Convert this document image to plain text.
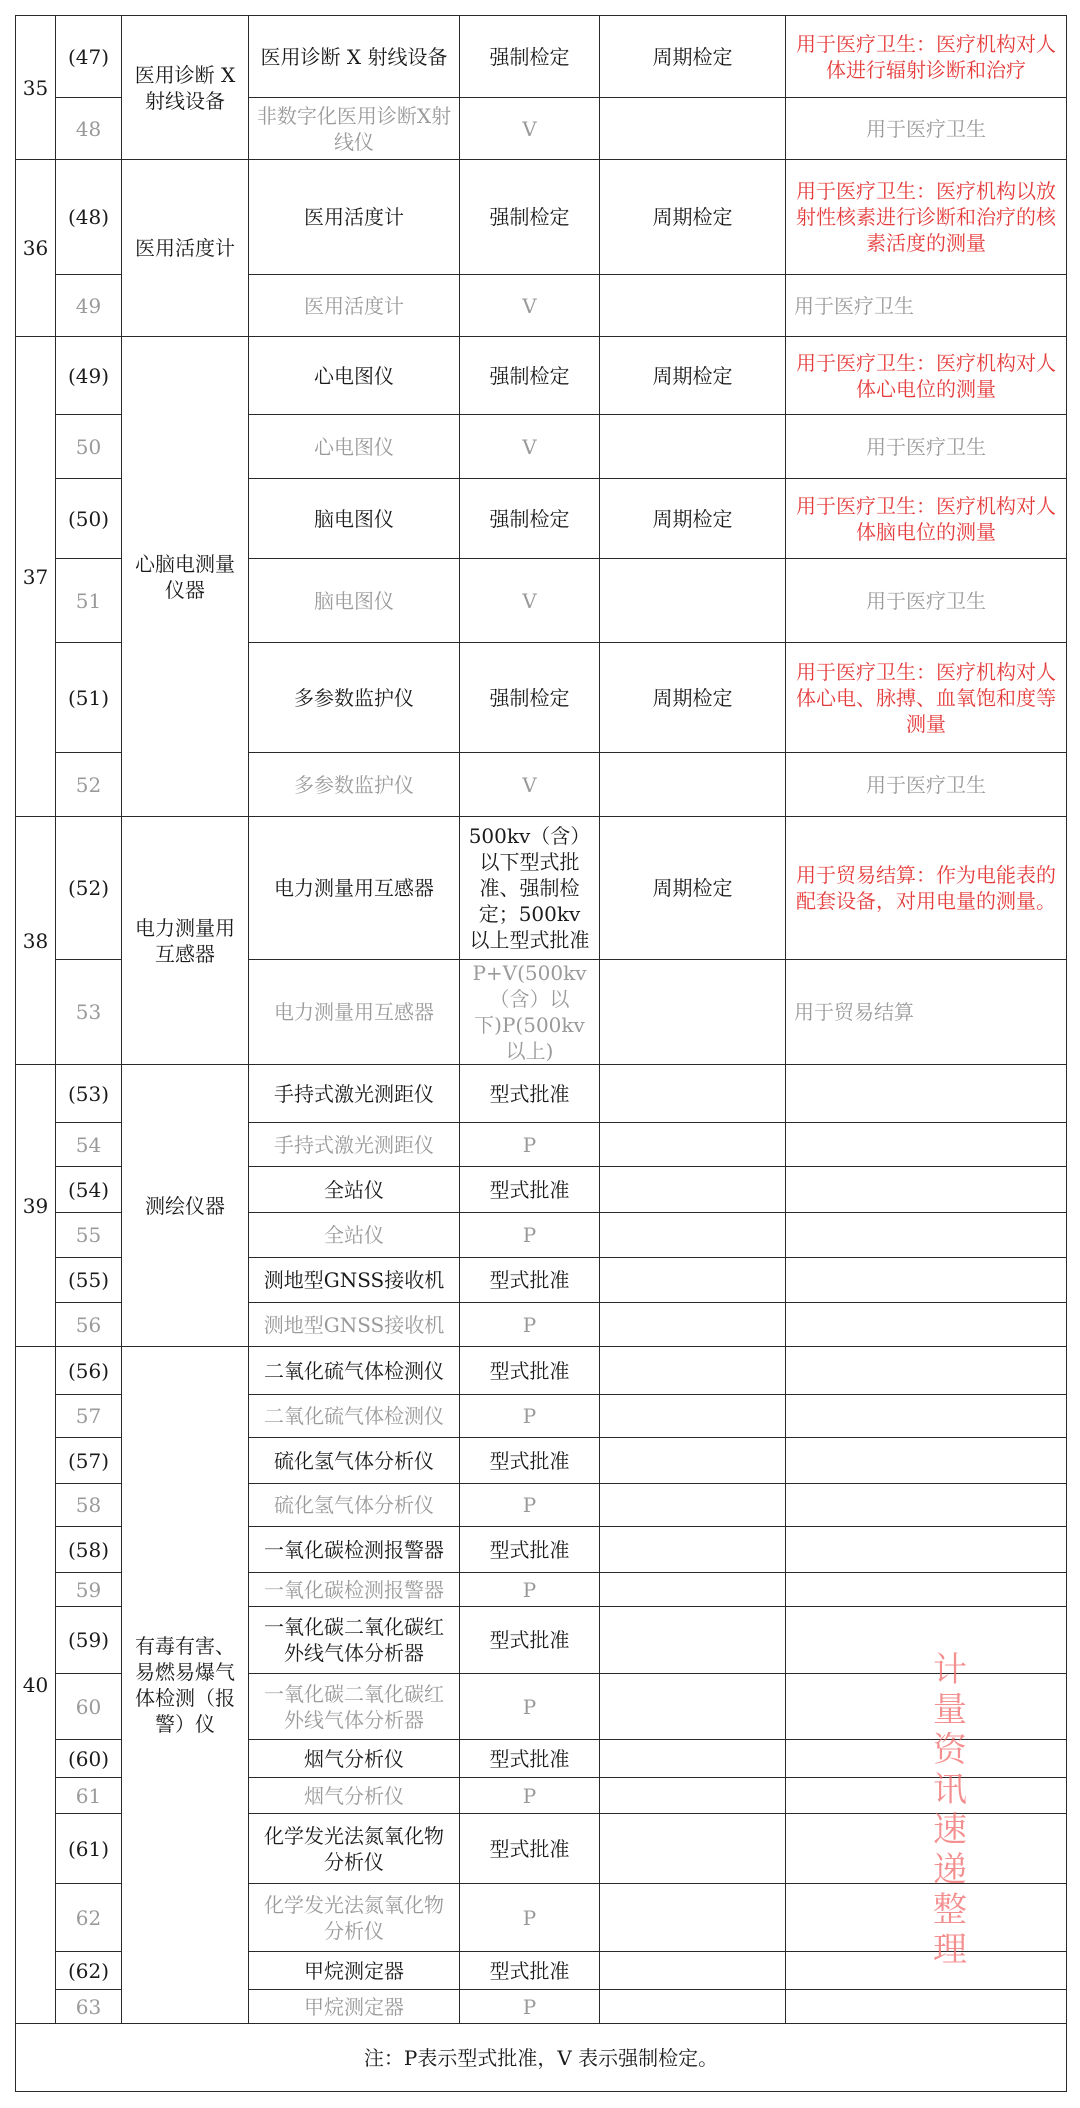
35	(47)	医用诊断 X 射线设备	医用诊断 X 射线设备	强制检定	周期检定	用于医疗卫生：医疗机构对人体进行辐射诊断和治疗
	48		非数字化医用诊断X射线仪	V		用于医疗卫生
36	(48)	医用活度计	医用活度计	强制检定	周期检定	用于医疗卫生：医疗机构以放射性核素进行诊断和治疗的核素活度的测量
	49		医用活度计	V		用于医疗卫生
37	(49)	心脑电测量仪器	心电图仪	强制检定	周期检定	用于医疗卫生：医疗机构对人体心电位的测量
	50		心电图仪	V		用于医疗卫生
	(50)		脑电图仪	强制检定	周期检定	用于医疗卫生：医疗机构对人体脑电位的测量
	51		脑电图仪	V		用于医疗卫生
	(51)		多参数监护仪	强制检定	周期检定	用于医疗卫生：医疗机构对人体心电、脉搏、血氧饱和度等测量
	52		多参数监护仪	V		用于医疗卫生
38	(52)	电力测量用互感器	电力测量用互感器	500kv（含）以下型式批准、强制检定；500kv 以上型式批准	周期检定	用于贸易结算：作为电能表的配套设备，对用电量的测量。
	53		电力测量用互感器	P+V(500kv（含）以下)P(500kv以上)		用于贸易结算
39	(53)	测绘仪器	手持式激光测距仪	型式批准		
	54		手持式激光测距仪	P		
	(54)		全站仪	型式批准		
	55		全站仪	P		
	(55)		测地型GNSS接收机	型式批准		
	56		测地型GNSS接收机	P		
40	(56)	有毒有害、易燃易爆气体检测（报警）仪	二氧化硫气体检测仪	型式批准		
	57		二氧化硫气体检测仪	P		
	(57)		硫化氢气体分析仪	型式批准		
	58		硫化氢气体分析仪	P		
	(58)		一氧化碳检测报警器	型式批准		
	59		一氧化碳检测报警器	P		
	(59)		一氧化碳二氧化碳红外线气体分析器	型式批准		
	60		一氧化碳二氧化碳红外线气体分析器	P		
	(60)		烟气分析仪	型式批准		
	61		烟气分析仪	P		
	(61)		化学发光法氮氧化物分析仪	型式批准		
	62		化学发光法氮氧化物分析仪	P		
	(62)		甲烷测定器	型式批准		
	63		甲烷测定器	P		
注：P表示型式批准，V 表示强制检定。						
计
量
资
讯
速
递
整
理
